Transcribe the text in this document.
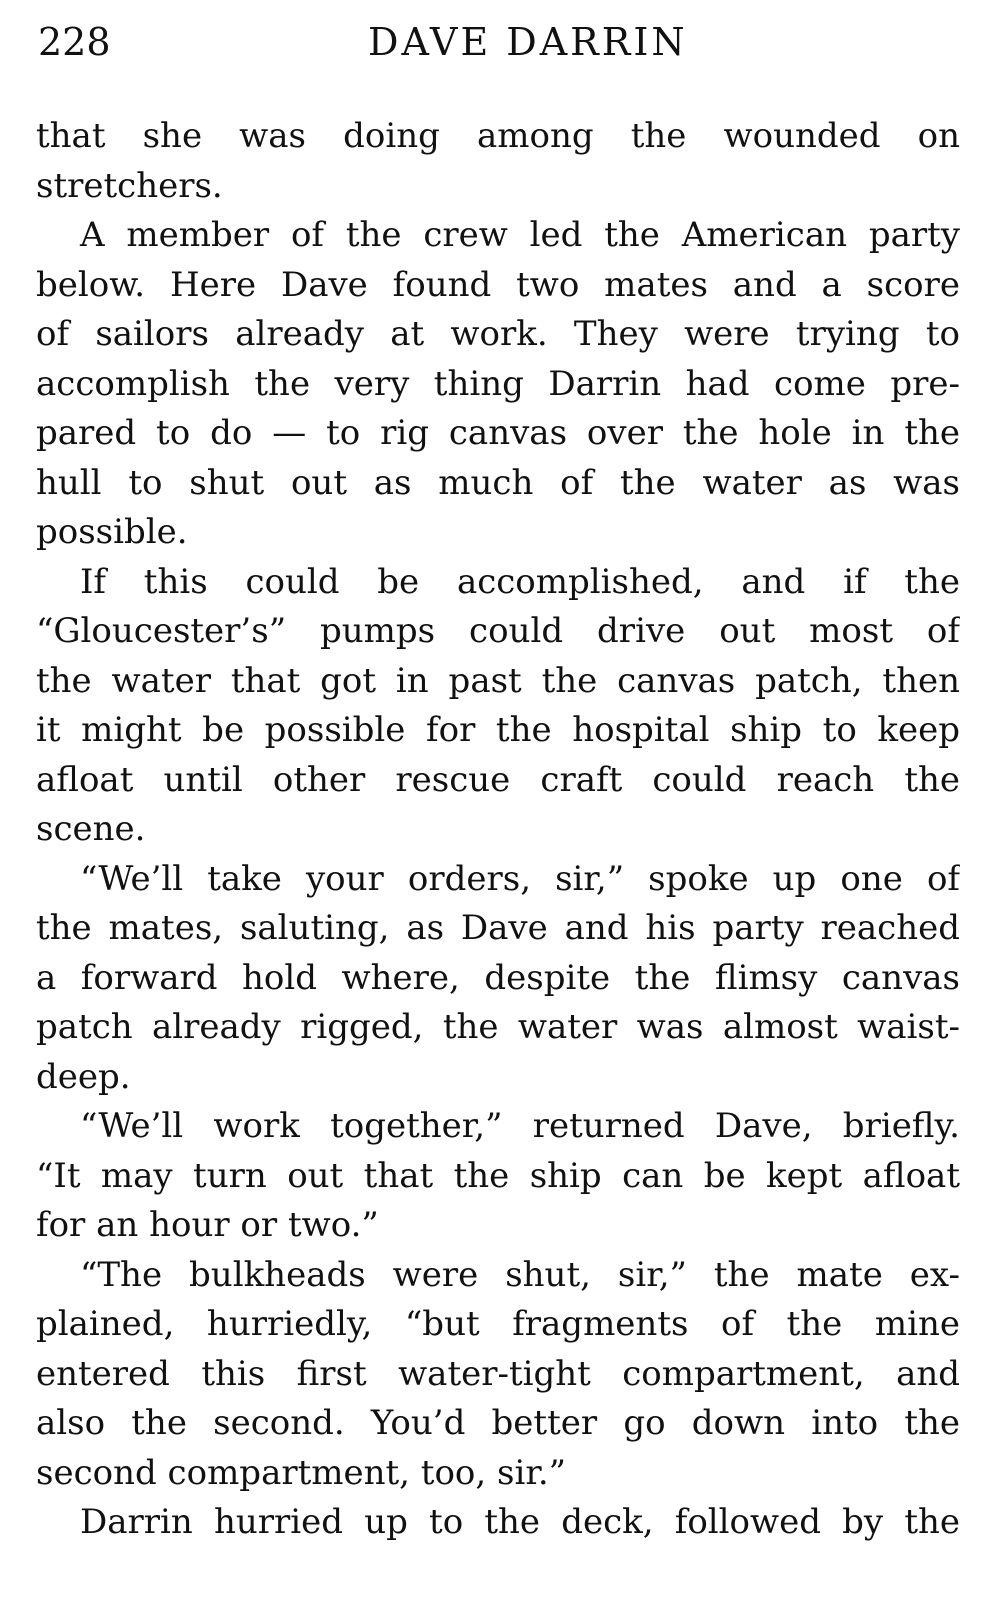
228	DAVE DARRIN
that she was doing among the wounded on
stretchers.
A member of the crew led the American party
below. Here Dave found two mates and a score
of sailors already at work. They were trying to
accomplish the very thing Darrin had come pre-
pared to do — to rig canvas over the hole in the
hull to shut out as much of the water as was
possible.
If this could be accomplished, and if the
“Gloucester’s” pumps could drive out most of
the water that got in past the canvas patch, then
it might be possible for the hospital ship to keep
afloat until other rescue craft could reach the
scene.
“We’ll take your orders, sir,” spoke up one of
the mates, saluting, as Dave and his party reached
a forward hold where, despite the flimsy canvas
patch already rigged, the water was almost waist-
deep.
“We’ll work together,” returned Dave, briefly.
“It may turn out that the ship can be kept afloat
for an hour or two.”
“The bulkheads were shut, sir,” the mate ex-
plained, hurriedly, “but fragments of the mine
entered this first water-tight compartment, and
also the second. You’d better go down into the
second compartment, too, sir.”
Darrin hurried up to the deck, followed by the
